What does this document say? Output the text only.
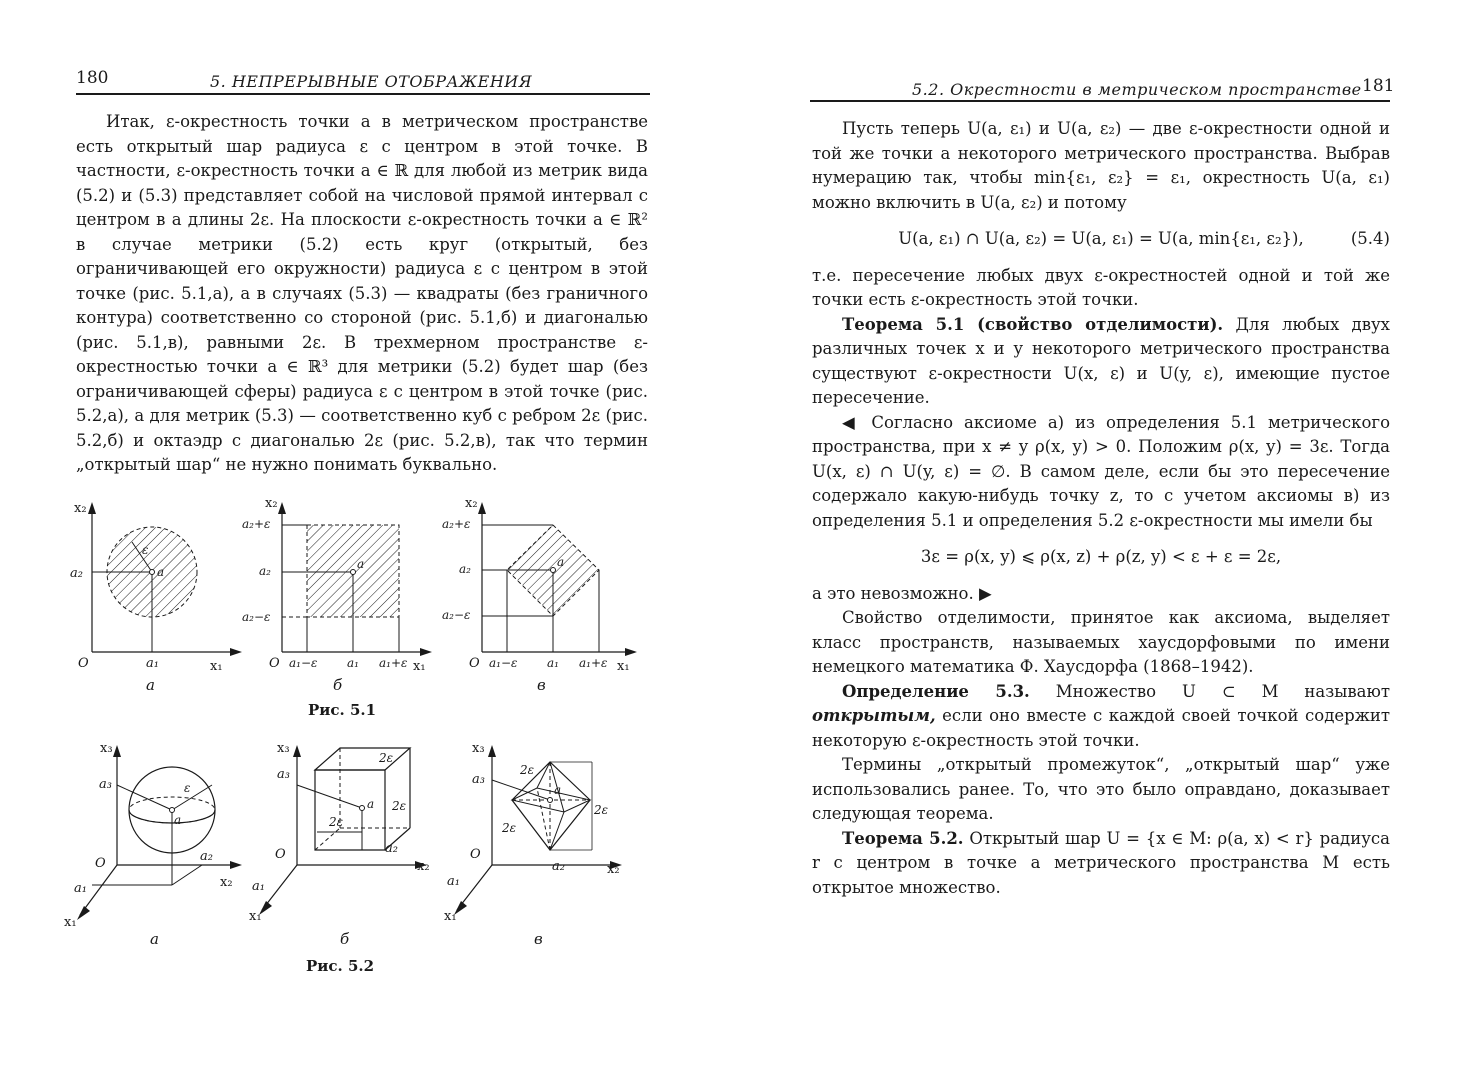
180	5. НЕПРЕРЫВНЫЕ ОТОБРАЖЕНИЯ

Итак, ε-окрестность точки a в метрическом пространстве есть открытый шар радиуса ε с центром в этой точке. В частности, ε-окрестность точки a ∈ ℝ для любой из метрик вида (5.2) и (5.3) представляет собой на числовой прямой интервал с центром в a длины 2ε. На плоскости ε-окрестность точки a ∈ ℝ² в случае метрики (5.2) есть круг (открытый, без ограничивающей его окружности) радиуса ε с центром в этой точке (рис. 5.1,a), а в случаях (5.3) — квадраты (без граничного контура) соответственно со стороной (рис. 5.1,б) и диагональю (рис. 5.1,в), равными 2ε. В трехмерном пространстве ε-окрестностью точки a ∈ ℝ³ для метрики (5.2) будет шар (без ограничивающей сферы) радиуса ε с центром в этой точке (рис. 5.2,a), а для метрик (5.3) — соответственно куб с ребром 2ε (рис. 5.2,б) и октаэдр с диагональю 2ε (рис. 5.2,в), так что термин „открытый шар“ не нужно понимать буквально.

x₂
a₂
ε
a
O	a₁	x₁
x₂
a₂+ε
a₂
a₂−ε
a
O a₁−ε a₁ a₁+ε x₁
x₂
a₂+ε
a₂
a₂−ε
a
O a₁−ε a₁ a₁+ε x₁
a	б	в
Рис. 5.1
x₃
a₃	ε
a
O	a₂
a₁	x₂
x₁
x₃
a₃
a
2ε
2ε
2ε
O	a₂
a₁
x₂
x₁
x₃
a₃
a
2ε
2ε
2ε
O
a₂
a₁
x₂
x₁
a	б	в
Рис. 5.2
5.2. Окрестности в метрическом пространстве 181

Пусть теперь U(a, ε₁) и U(a, ε₂) — две ε-окрестности одной и той же точки a некоторого метрического пространства. Выбрав нумерацию так, чтобы min{ε₁, ε₂} = ε₁, окрестность U(a, ε₁) можно включить в U(a, ε₂) и потому

U(a, ε₁) ∩ U(a, ε₂) = U(a, ε₁) = U(a, min{ε₁, ε₂}),	(5.4)

т.е. пересечение любых двух ε-окрестностей одной и той же точки есть ε-окрестность этой точки.

Теорема 5.1 (свойство отделимости). Для любых двух различных точек x и y некоторого метрического пространства существуют ε-окрестности U(x, ε) и U(y, ε), имеющие пустое пересечение.

◀ Согласно аксиоме а) из определения 5.1 метрического пространства, при x ≠ y ρ(x, y) > 0. Положим ρ(x, y) = 3ε. Тогда U(x, ε) ∩ U(y, ε) = ∅. В самом деле, если бы это пересечение содержало какую-нибудь точку z, то с учетом аксиомы в) из определения 5.1 и определения 5.2 ε-окрестности мы имели бы

3ε = ρ(x, y) ⩽ ρ(x, z) + ρ(z, y) < ε + ε = 2ε,

а это невозможно. ▶

Свойство отделимости, принятое как аксиома, выделяет класс пространств, называемых хаусдорфовыми по имени немецкого математика Ф. Хаусдорфа (1868–1942).

Определение 5.3. Множество U ⊂ M называют открытым, если оно вместе с каждой своей точкой содержит некоторую ε-окрестность этой точки.

Термины „открытый промежуток“, „открытый шар“ уже использовались ранее. То, что это было оправдано, доказывает следующая теорема.

Теорема 5.2. Открытый шар U = {x ∈ M: ρ(a, x) < r} радиуса r с центром в точке a метрического пространства M есть открытое множество.
